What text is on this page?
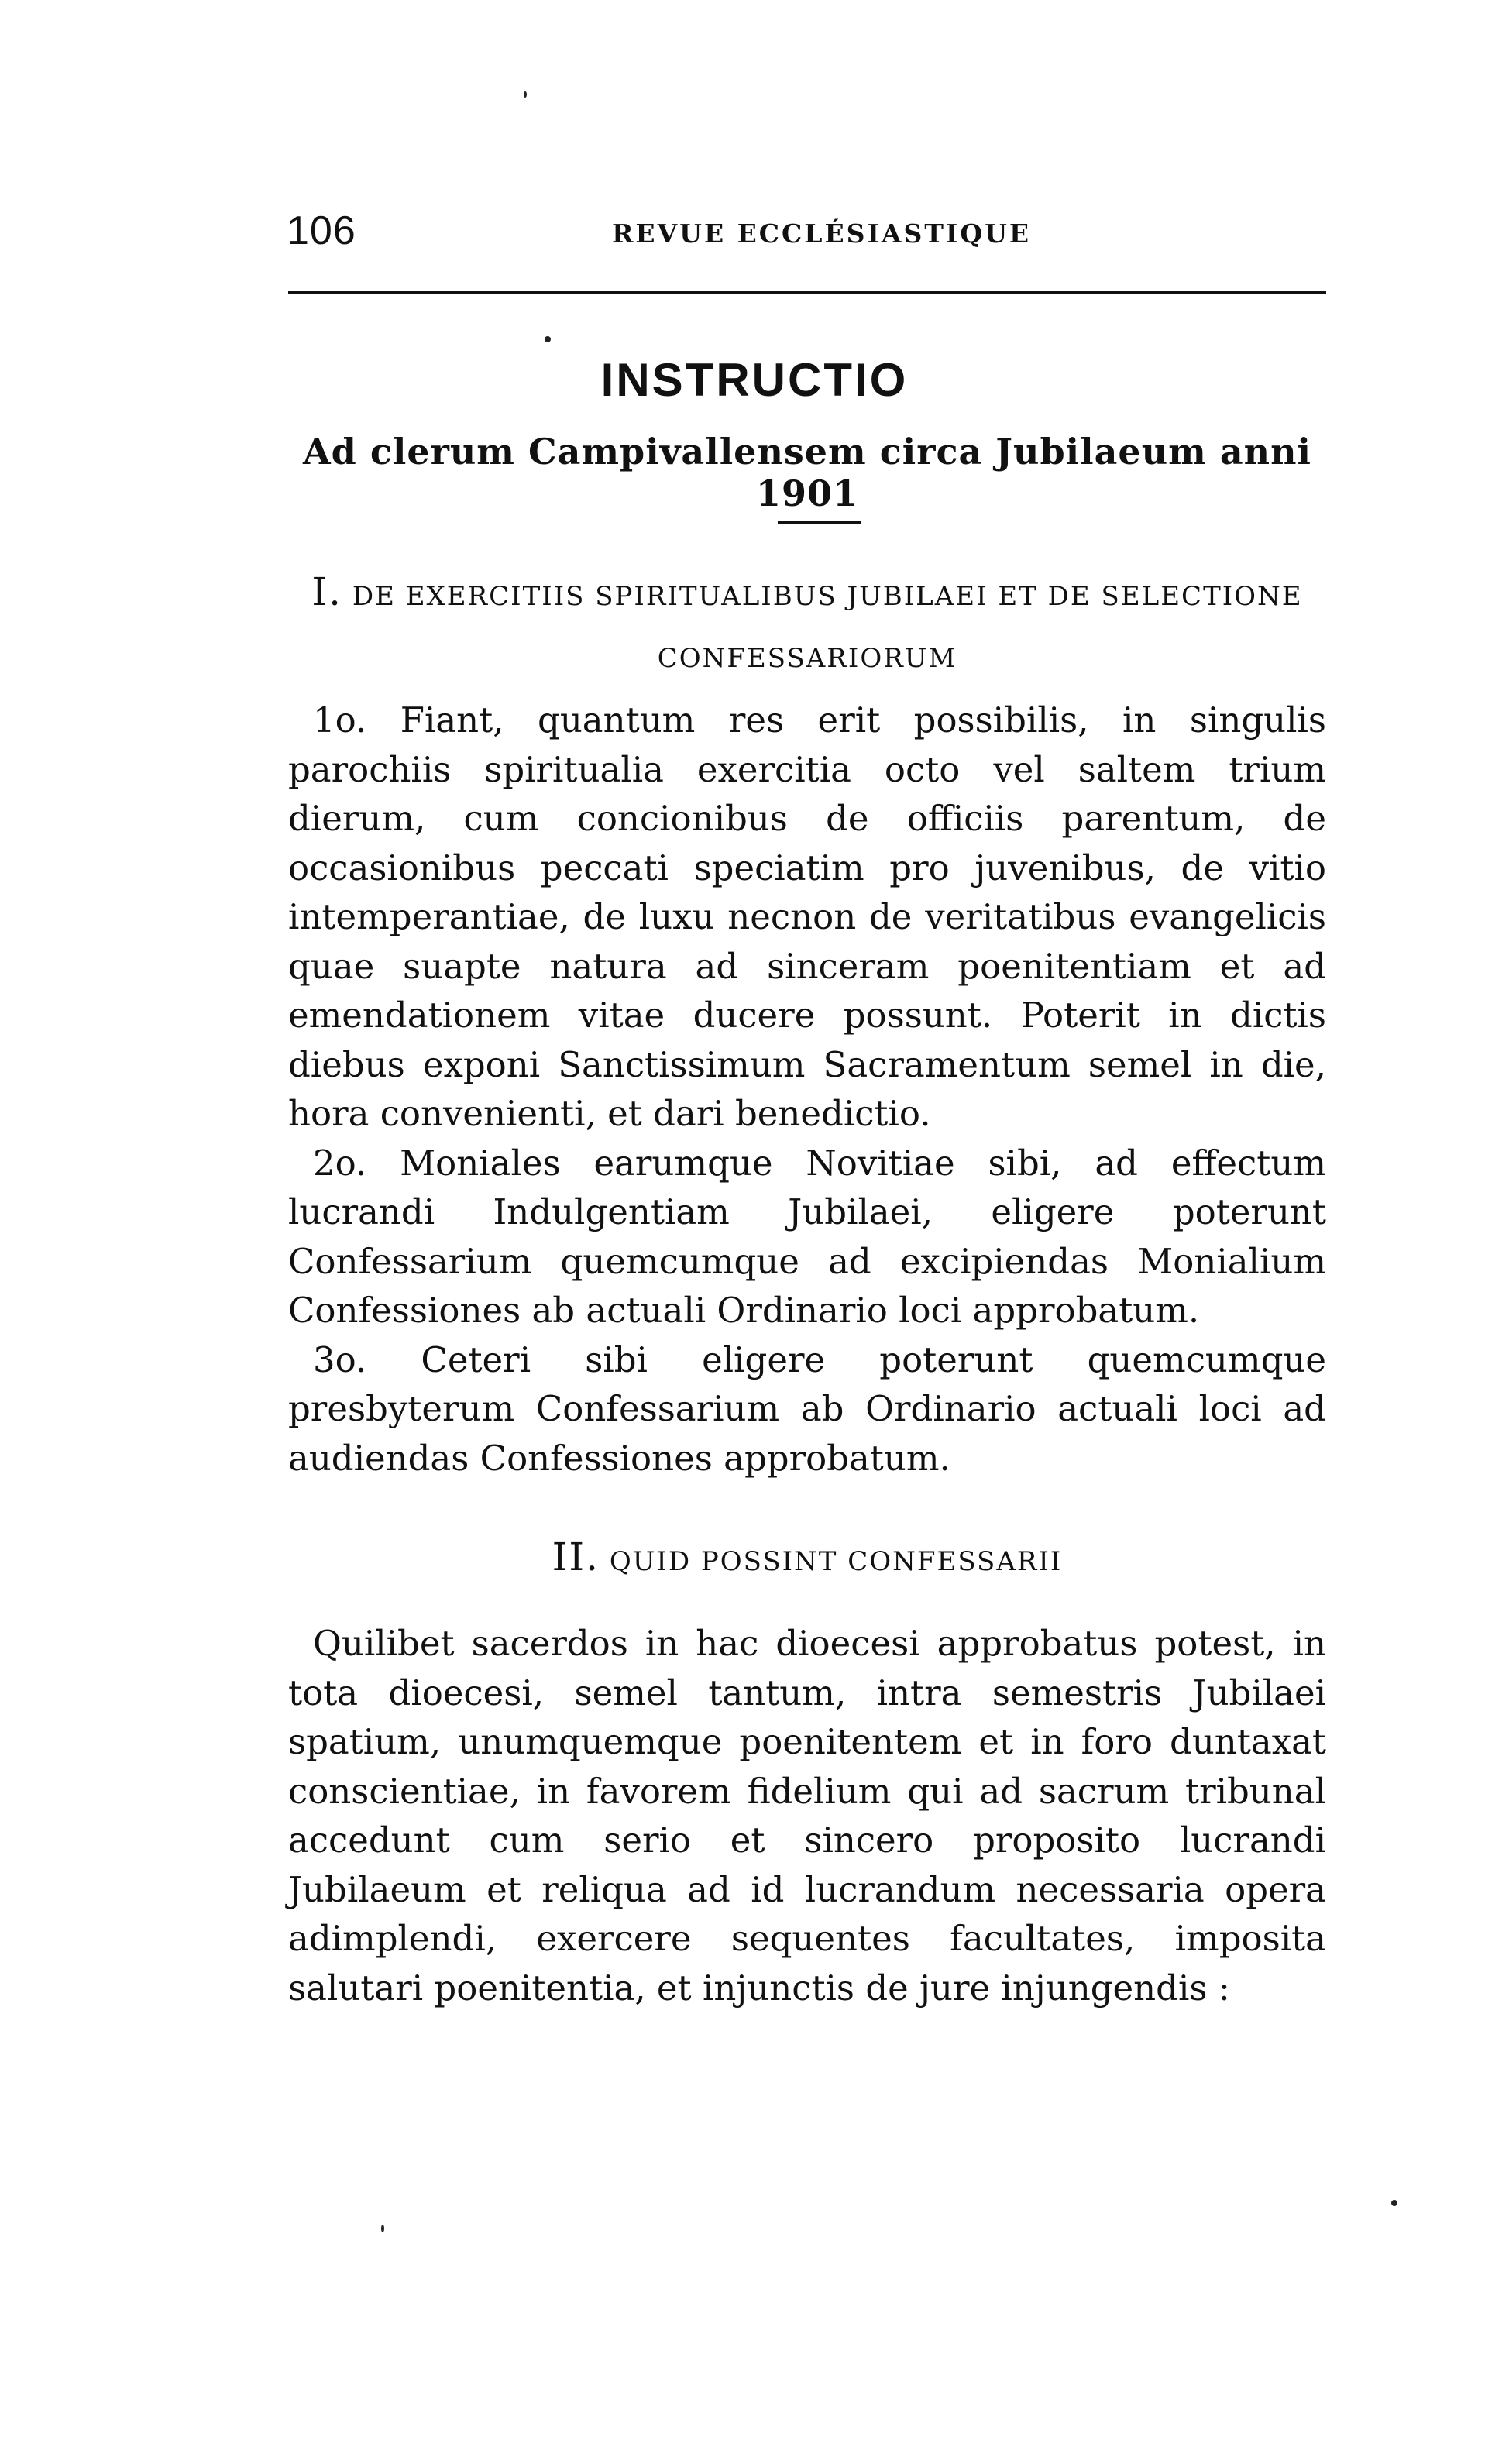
106	REVUE ECCLÉSIASTIQUE
INSTRUCTIO
Ad clerum Campivallensem circa Jubilaeum anni 1901
I. DE EXERCITIIS SPIRITUALIBUS JUBILAEI ET DE SELECTIONE CONFESSARIORUM

1o. Fiant, quantum res erit possibilis, in singulis parochiis spiritualia exercitia octo vel saltem trium dierum, cum concionibus de officiis parentum, de occasionibus peccati speciatim pro juvenibus, de vitio intemperantiae, de luxu necnon de veritatibus evangelicis quae suapte natura ad sinceram poenitentiam et ad emendationem vitae ducere possunt. Poterit in dictis diebus exponi Sanctissimum Sacramentum semel in die, hora convenienti, et dari benedictio.

2o. Moniales earumque Novitiae sibi, ad effectum lucrandi Indulgentiam Jubilaei, eligere poterunt Confessarium quemcumque ad excipiendas Monialium Confessiones ab actuali Ordinario loci approbatum.

3o. Ceteri sibi eligere poterunt quemcumque presbyterum Confessarium ab Ordinario actuali loci ad audiendas Confessiones approbatum.

II. QUID POSSINT CONFESSARII

Quilibet sacerdos in hac dioecesi approbatus potest, in tota dioecesi, semel tantum, intra semestris Jubilaei spatium, unumquemque poenitentem et in foro duntaxat conscientiae, in favorem fidelium qui ad sacrum tribunal accedunt cum serio et sincero proposito lucrandi Jubilaeum et reliqua ad id lucrandum necessaria opera adimplendi, exercere sequentes facultates, imposita salutari poenitentia, et injunctis de jure injungendis :
